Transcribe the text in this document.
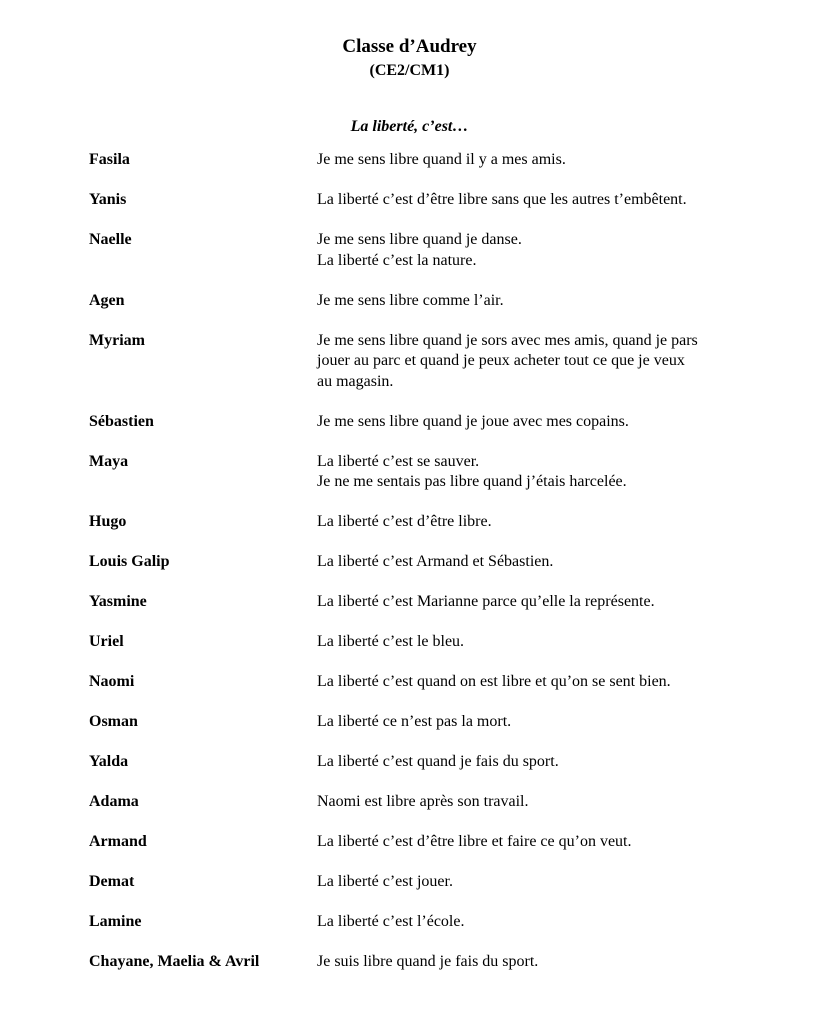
Classe d’Audrey
(CE2/CM1)
La liberté, c’est…
Fasila	Je me sens libre quand il y a mes amis.
Yanis	La liberté c’est d’être libre sans que les autres t’embêtent.
Naelle	Je me sens libre quand je danse.
La liberté c’est la nature.
Agen	Je me sens libre comme l’air.
Myriam	Je me sens libre quand je sors avec mes amis, quand je pars
jouer au parc et quand je peux acheter tout ce que je veux
au magasin.
Sébastien	Je me sens libre quand je joue avec mes copains.
Maya	La liberté c’est se sauver.
Je ne me sentais pas libre quand j’étais harcelée.
Hugo	La liberté c’est d’être libre.
Louis Galip	La liberté c’est Armand et Sébastien.
Yasmine	La liberté c’est Marianne parce qu’elle la représente.
Uriel	La liberté c’est le bleu.
Naomi	La liberté c’est quand on est libre et qu’on se sent bien.
Osman	La liberté ce n’est pas la mort.
Yalda	La liberté c’est quand je fais du sport.
Adama	Naomi est libre après son travail.
Armand	La liberté c’est d’être libre et faire ce qu’on veut.
Demat	La liberté c’est jouer.
Lamine	La liberté c’est l’école.
Chayane, Maelia & Avril	Je suis libre quand je fais du sport.
